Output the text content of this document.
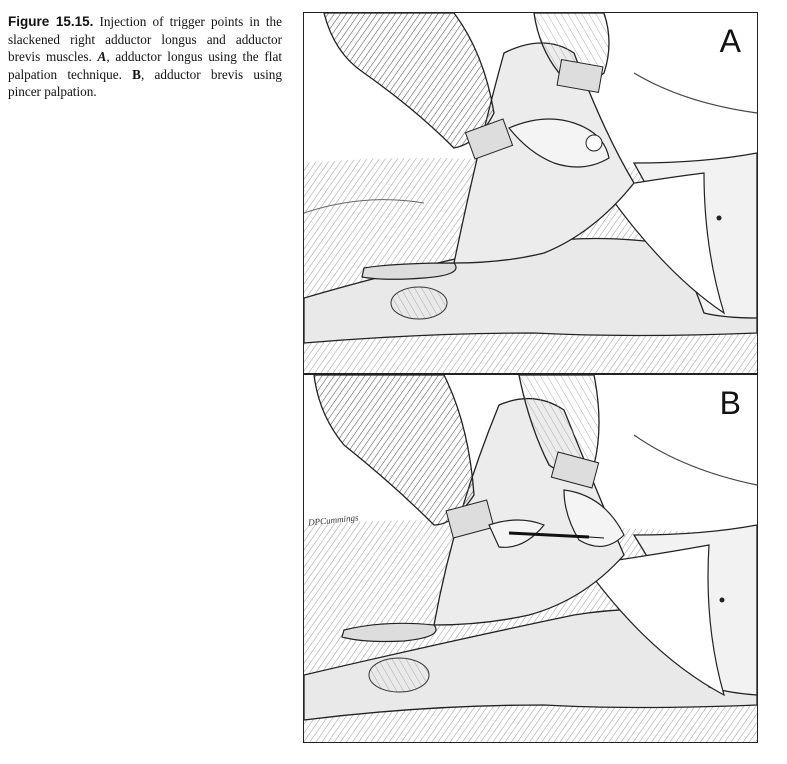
Figure 15.15. Injection of trigger points in the slackened right adductor longus and adductor brevis muscles. A, adductor longus using the flat palpation technique. B, adductor brevis using pincer palpation.
A
DPCummings
B
